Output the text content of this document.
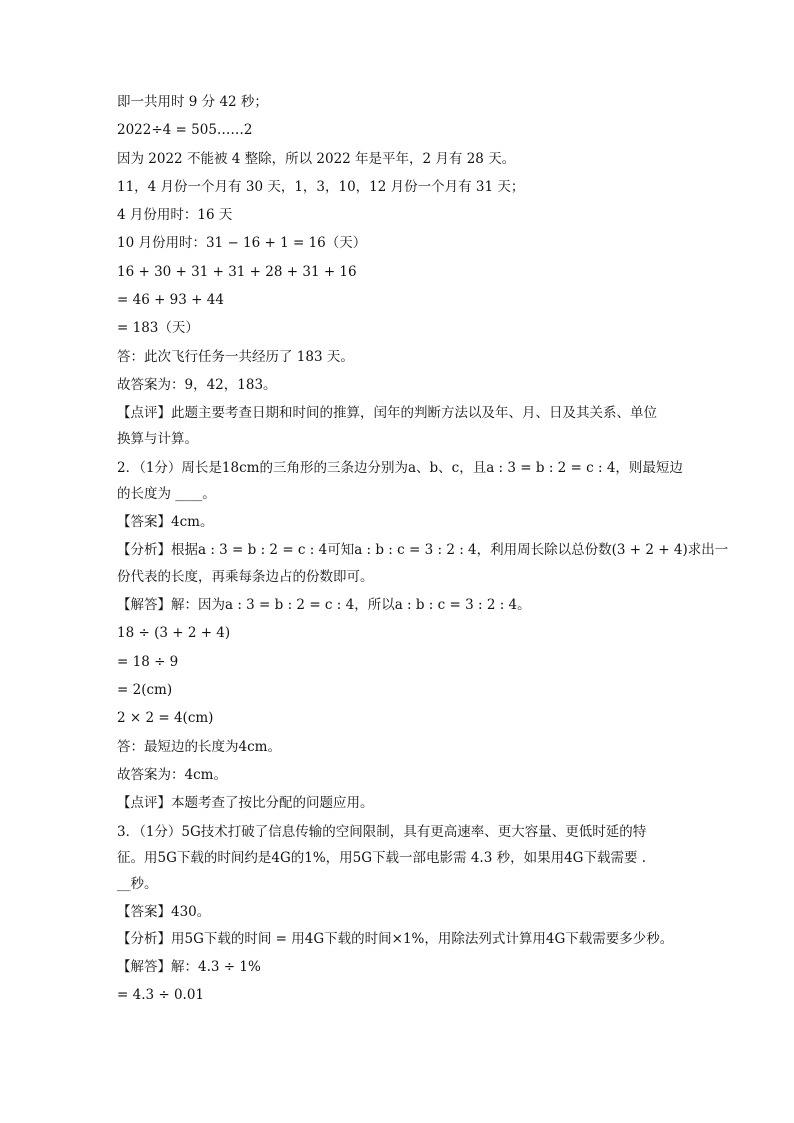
即一共用时 9 分 42 秒；
2022÷4 = 505……2
因为 2022 不能被 4 整除，所以 2022 年是平年，2 月有 28 天。
11，4 月份一个月有 30 天，1，3，10，12 月份一个月有 31 天；
4 月份用时：16 天
10 月份用时：31 − 16 + 1 = 16（天）
16 + 30 + 31 + 31 + 28 + 31 + 16
= 46 + 93 + 44
= 183（天）
答：此次飞行任务一共经历了 183 天。
故答案为：9，42，183。
【点评】此题主要考查日期和时间的推算，闰年的判断方法以及年、月、日及其关系、单位
换算与计算。
2．（1分）周长是18cm的三角形的三条边分别为a、b、c，且a : 3 = b : 2 = c : 4，则最短边
的长度为 ____。
【答案】4cm。
【分析】根据a : 3 = b : 2 = c : 4可知a : b : c = 3 : 2 : 4，利用周长除以总份数(3 + 2 + 4)求出一
份代表的长度，再乘每条边占的份数即可。
【解答】解：因为a : 3 = b : 2 = c : 4，所以a : b : c = 3 : 2 : 4。
18 ÷ (3 + 2 + 4)
= 18 ÷ 9
= 2(cm)
2 × 2 = 4(cm)
答：最短边的长度为4cm。
故答案为：4cm。
【点评】本题考查了按比分配的问题应用。
3．（1分）5G技术打破了信息传输的空间限制，具有更高速率、更大容量、更低时延的特
征。用5G下载的时间约是4G的1%，用5G下载一部电影需 4.3 秒，如果用4G下载需要 .
__秒。
【答案】430。
【分析】用5G下载的时间 = 用4G下载的时间×1%，用除法列式计算用4G下载需要多少秒。
【解答】解：4.3 ÷ 1%
= 4.3 ÷ 0.01
